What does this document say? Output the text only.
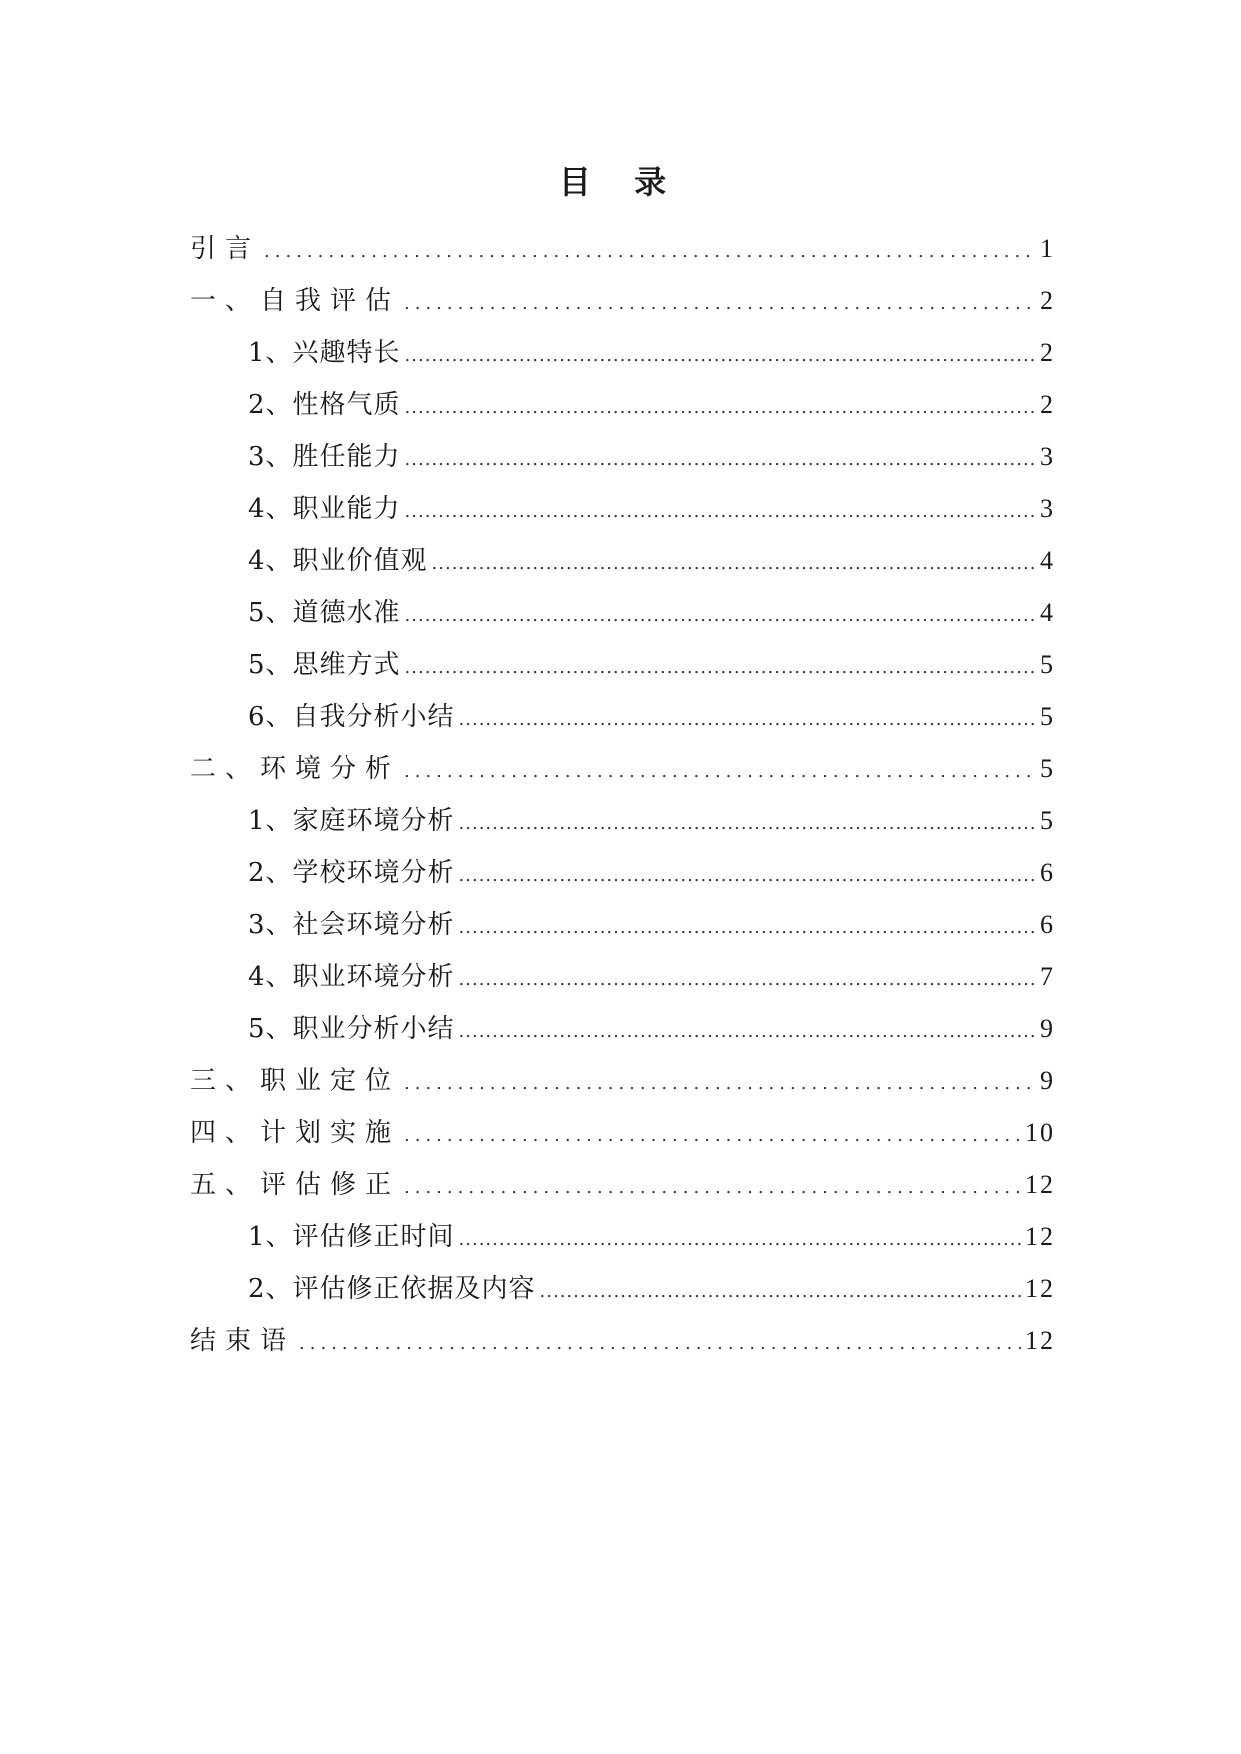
目 录
引言 .....	1
一、自我评估 .....	2
1、兴趣特长 .....	2
2、性格气质 .....	2
3、胜任能力 .....	3
4、职业能力 .....	3
4、职业价值观 .....	4
5、道德水准 .....	4
5、思维方式 .....	5
6、自我分析小结 .....	5
二、环境分析 .....	5
1、家庭环境分析 .....	5
2、学校环境分析 .....	6
3、社会环境分析 .....	6
4、职业环境分析 .....	7
5、职业分析小结 .....	9
三、职业定位 .....	9
四、计划实施 .....	10
五、评估修正 .....	12
1、评估修正时间 .....	12
2、评估修正依据及内容 .....	12
结束语 .....	12
